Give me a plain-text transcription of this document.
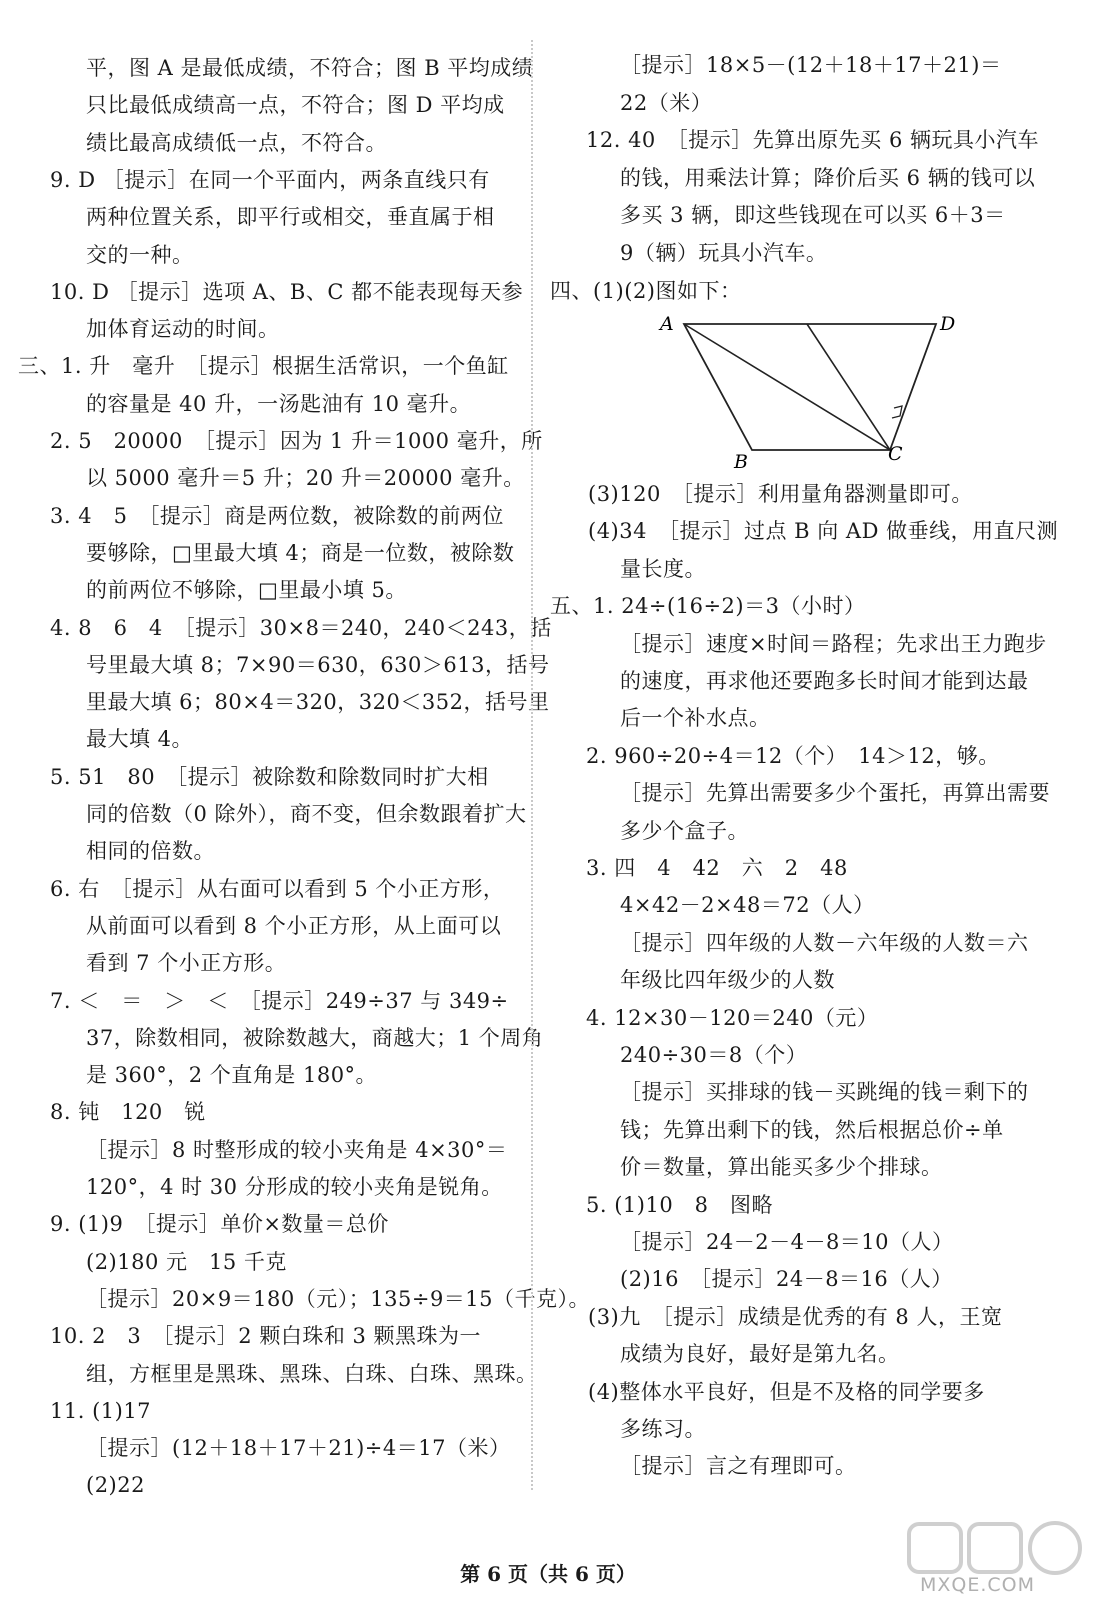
平，图 A 是最低成绩，不符合；图 B 平均成绩
只比最低成绩高一点，不符合；图 D 平均成
绩比最高成绩低一点，不符合。
9. D ［提示］在同一个平面内，两条直线只有
两种位置关系，即平行或相交，垂直属于相
交的一种。
10. D ［提示］选项 A、B、C 都不能表现每天参
加体育运动的时间。
三、1. 升　毫升　［提示］根据生活常识，一个鱼缸
的容量是 40 升，一汤匙油有 10 毫升。
2. 5　20000　［提示］因为 1 升＝1000 毫升，所
以 5000 毫升＝5 升；20 升＝20000 毫升。
3. 4　5　［提示］商是两位数，被除数的前两位
要够除，□里最大填 4；商是一位数，被除数
的前两位不够除，□里最小填 5。
4. 8　6　4　［提示］30×8＝240，240＜243，括
号里最大填 8；7×90＝630，630＞613，括号
里最大填 6；80×4＝320，320＜352，括号里
最大填 4。
5. 51　80　［提示］被除数和除数同时扩大相
同的倍数（0 除外），商不变，但余数跟着扩大
相同的倍数。
6. 右　［提示］从右面可以看到 5 个小正方形，
从前面可以看到 8 个小正方形，从上面可以
看到 7 个小正方形。
7. ＜　＝　＞　＜　［提示］249÷37 与 349÷
37，除数相同，被除数越大，商越大；1 个周角
是 360°，2 个直角是 180°。
8. 钝　120　锐
［提示］8 时整形成的较小夹角是 4×30°＝
120°，4 时 30 分形成的较小夹角是锐角。
9. (1)9　［提示］单价×数量＝总价
(2)180 元　15 千克
［提示］20×9＝180（元）；135÷9＝15（千克）。
10. 2　3　［提示］2 颗白珠和 3 颗黑珠为一
组，方框里是黑珠、黑珠、白珠、白珠、黑珠。
11. (1)17
［提示］(12＋18＋17＋21)÷4＝17（米）
(2)22
［提示］18×5－(12＋18＋17＋21)＝
22（米）
12. 40　［提示］先算出原先买 6 辆玩具小汽车
的钱，用乘法计算；降价后买 6 辆的钱可以
多买 3 辆，即这些钱现在可以买 6＋3＝
9（辆）玩具小汽车。
四、(1)(2)图如下：
(3)120　［提示］利用量角器测量即可。
(4)34　［提示］过点 B 向 AD 做垂线，用直尺测
量长度。
五、1. 24÷(16÷2)＝3（小时）
［提示］速度×时间＝路程；先求出王力跑步
的速度，再求他还要跑多长时间才能到达最
后一个补水点。
2. 960÷20÷4＝12（个）　14＞12，够。
［提示］先算出需要多少个蛋托，再算出需要
多少个盒子。
3. 四　4　42　六　2　48
4×42－2×48＝72（人）
［提示］四年级的人数－六年级的人数＝六
年级比四年级少的人数
4. 12×30－120＝240（元）
240÷30＝8（个）
［提示］买排球的钱－买跳绳的钱＝剩下的
钱；先算出剩下的钱，然后根据总价÷单
价＝数量，算出能买多少个排球。
5. (1)10　8　图略
［提示］24－2－4－8＝10（人）
(2)16　［提示］24－8＝16（人）
(3)九　［提示］成绩是优秀的有 8 人，王宽
成绩为良好，最好是第九名。
(4)整体水平良好，但是不及格的同学要多
多练习。
［提示］言之有理即可。
A	D
B	C
第 6 页（共 6 页）	MXQE.COM
